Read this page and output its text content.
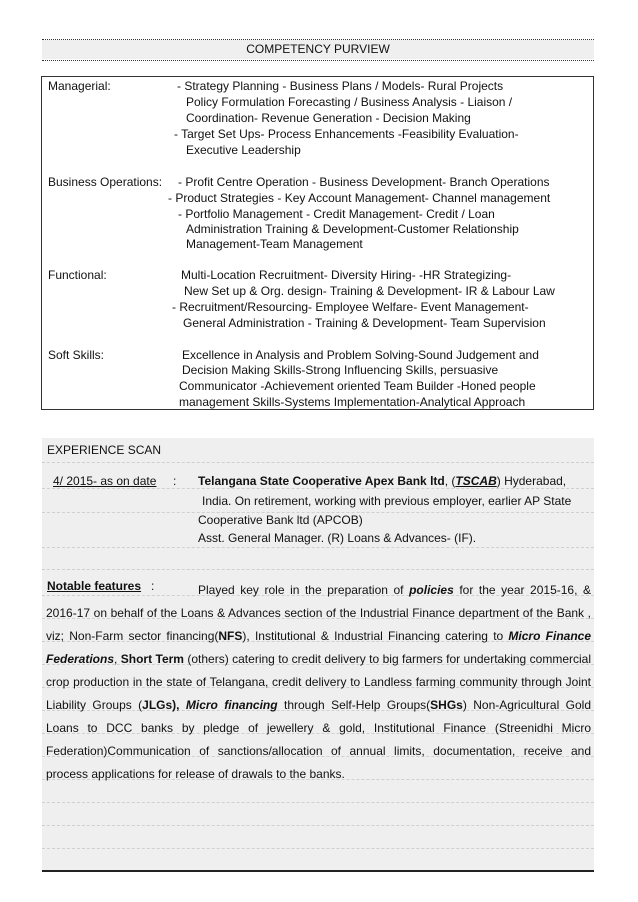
COMPETENCY PURVIEW
Managerial:	- Strategy Planning - Business Plans / Models- Rural Projects
Policy Formulation Forecasting / Business Analysis - Liaison /
Coordination- Revenue Generation - Decision Making
- Target Set Ups- Process Enhancements -Feasibility Evaluation-
Executive Leadership
Business Operations: - Profit Centre Operation - Business Development- Branch Operations
- Product Strategies - Key Account Management- Channel management
- Portfolio Management - Credit Management- Credit / Loan
Administration Training & Development-Customer Relationship
Management-Team Management
Functional:	Multi-Location Recruitment- Diversity Hiring- -HR Strategizing-
New Set up & Org. design- Training & Development- IR & Labour Law
- Recruitment/Resourcing- Employee Welfare- Event Management-
General Administration - Training & Development- Team Supervision
Soft Skills:	Excellence in Analysis and Problem Solving-Sound Judgement and
Decision Making Skills-Strong Influencing Skills, persuasive
Communicator -Achievement oriented Team Builder -Honed people
management Skills-Systems Implementation-Analytical Approach
EXPERIENCE SCAN
4/ 2015- as on date : Telangana State Cooperative Apex Bank ltd, (TSCAB) Hyderabad,
India. On retirement, working with previous employer, earlier AP State
Cooperative Bank ltd (APCOB)
Asst. General Manager. (R) Loans & Advances- (IF).
Notable features :	Played key role in the preparation of policies for the year 2015-16, & 2016-17 on behalf of the Loans & Advances section of the Industrial Finance department of the Bank , viz; Non-Farm sector financing(NFS), Institutional & Industrial Financing catering to Micro Finance Federations, Short Term (others) catering to credit delivery to big farmers for undertaking commercial crop production in the state of Telangana, credit delivery to Landless farming community through Joint Liability Groups (JLGs), Micro financing through Self-Help Groups(SHGs) Non-Agricultural Gold Loans to DCC banks by pledge of jewellery & gold, Institutional Finance (Streenidhi Micro Federation)Communication of sanctions/allocation of annual limits, documentation, receive and process applications for release of drawals to the banks.
